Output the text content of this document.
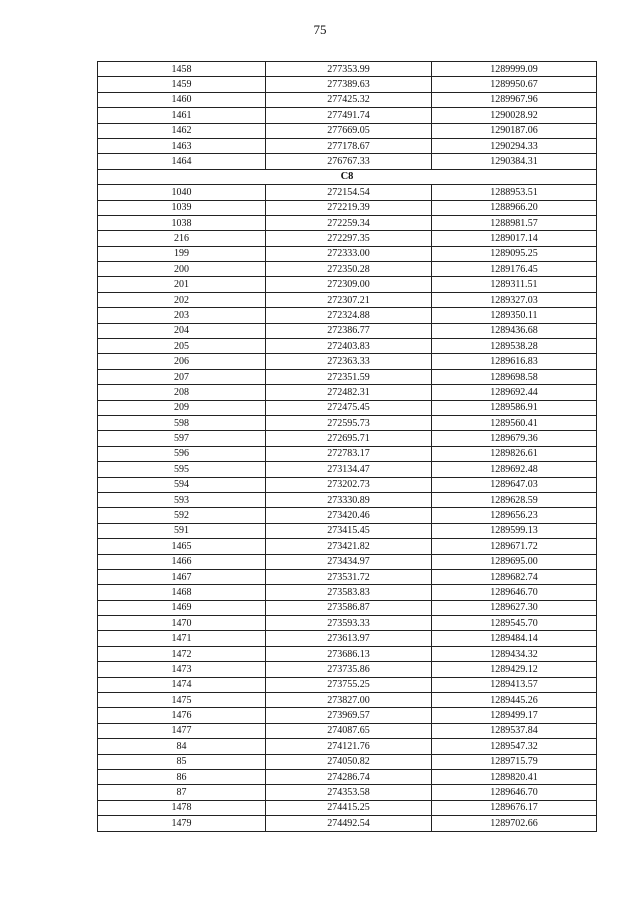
75
1458	277353.99	1289999.09
1459	277389.63	1289950.67
1460	277425.32	1289967.96
1461	277491.74	1290028.92
1462	277669.05	1290187.06
1463	277178.67	1290294.33
1464	276767.33	1290384.31
C8		
1040	272154.54	1288953.51
1039	272219.39	1288966.20
1038	272259.34	1288981.57
216	272297.35	1289017.14
199	272333.00	1289095.25
200	272350.28	1289176.45
201	272309.00	1289311.51
202	272307.21	1289327.03
203	272324.88	1289350.11
204	272386.77	1289436.68
205	272403.83	1289538.28
206	272363.33	1289616.83
207	272351.59	1289698.58
208	272482.31	1289692.44
209	272475.45	1289586.91
598	272595.73	1289560.41
597	272695.71	1289679.36
596	272783.17	1289826.61
595	273134.47	1289692.48
594	273202.73	1289647.03
593	273330.89	1289628.59
592	273420.46	1289656.23
591	273415.45	1289599.13
1465	273421.82	1289671.72
1466	273434.97	1289695.00
1467	273531.72	1289682.74
1468	273583.83	1289646.70
1469	273586.87	1289627.30
1470	273593.33	1289545.70
1471	273613.97	1289484.14
1472	273686.13	1289434.32
1473	273735.86	1289429.12
1474	273755.25	1289413.57
1475	273827.00	1289445.26
1476	273969.57	1289499.17
1477	274087.65	1289537.84
84	274121.76	1289547.32
85	274050.82	1289715.79
86	274286.74	1289820.41
87	274353.58	1289646.70
1478	274415.25	1289676.17
1479	274492.54	1289702.66
